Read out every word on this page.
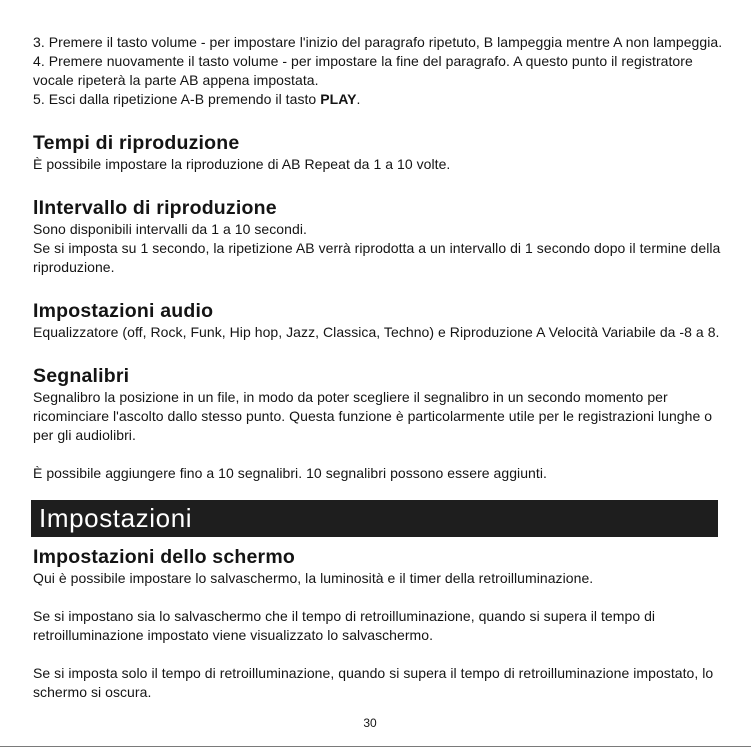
3. Premere il tasto volume - per impostare l'inizio del paragrafo ripetuto, B lampeggia mentre A non lampeggia.

4. Premere nuovamente il tasto volume - per impostare la fine del paragrafo. A questo punto il registratore vocale ripeterà la parte AB appena impostata.

5. Esci dalla ripetizione A-B premendo il tasto PLAY.

Tempi di riproduzione

È possibile impostare la riproduzione di AB Repeat da 1 a 10 volte.

lIntervallo di riproduzione

Sono disponibili intervalli da 1 a 10 secondi.

Se si imposta su 1 secondo, la ripetizione AB verrà riprodotta a un intervallo di 1 secondo dopo il termine della riproduzione.

Impostazioni audio

Equalizzatore (off, Rock, Funk, Hip hop, Jazz, Classica, Techno) e Riproduzione A Velocità Variabile da -8 a 8.

Segnalibri

Segnalibro la posizione in un file, in modo da poter scegliere il segnalibro in un secondo momento per ricominciare l'ascolto dallo stesso punto. Questa funzione è particolarmente utile per le registrazioni lunghe o per gli audiolibri.

È possibile aggiungere fino a 10 segnalibri. 10 segnalibri possono essere aggiunti.

Impostazioni
Impostazioni dello schermo

Qui è possibile impostare lo salvaschermo, la luminosità e il timer della retroilluminazione.

Se si impostano sia lo salvaschermo che il tempo di retroilluminazione, quando si supera il tempo di retroilluminazione impostato viene visualizzato lo salvaschermo.

Se si imposta solo il tempo di retroilluminazione, quando si supera il tempo di retroilluminazione impostato, lo schermo si oscura.

30
